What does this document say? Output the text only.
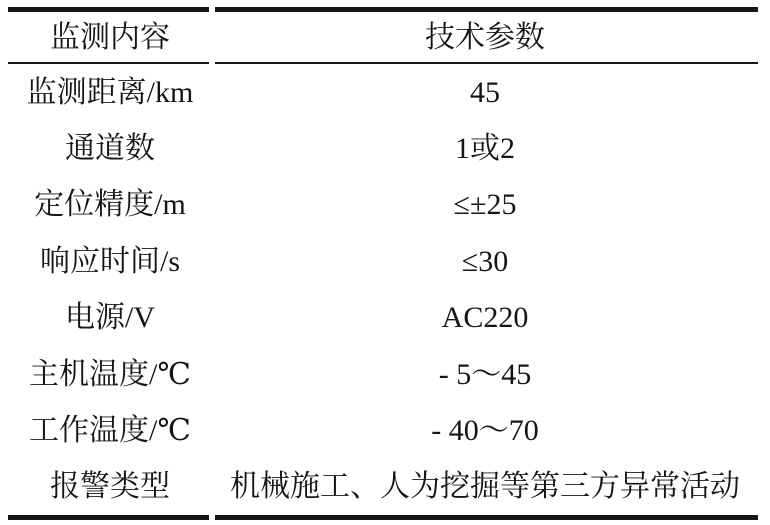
监测内容	技术参数
监测距离/km	45
通道数	1或2
定位精度/m	≤±25
响应时间/s	≤30
电源/V	AC220
主机温度/℃	- 5～45
工作温度/℃	- 40～70
报警类型	机械施工、人为挖掘等第三方异常活动
